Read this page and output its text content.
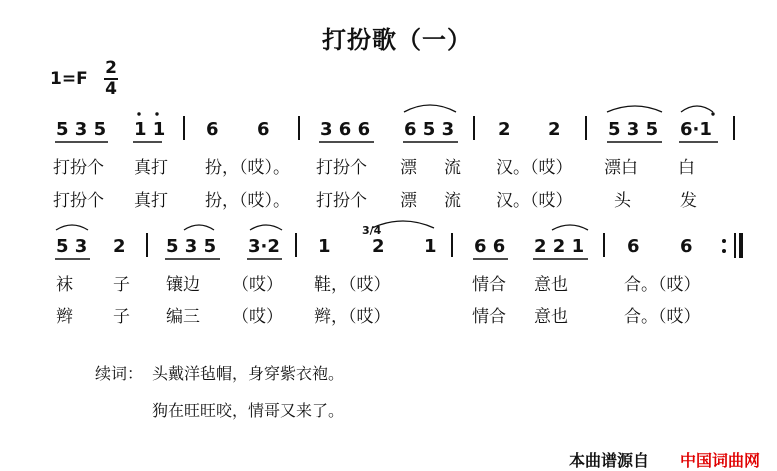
打扮歌（一）
1=F
2
4
5 3 5 1 1 6 6	3 6 6 6 5 3 2 2	5 3 5 6·1
打扮个 真打 扮，（哎）。 打扮个 漂 流 汉。（哎） 漂白 白
打扮个 真打 扮，（哎）。 打扮个 漂 流 汉。（哎） 头	发
5 3 2 5 3 5 3·2 1
3/4
2 1 6 6 2 2 1 6 6
袜 子 镶边 （哎） 鞋，（哎）	情合 意也	合。（哎）
辫 子 编三 （哎） 辫，（哎）	情合 意也	合。（哎）
续词： 头戴洋毡帽，身穿紫衣袍。
狗在旺旺咬，情哥又来了。
本曲谱源自 中国词曲网
